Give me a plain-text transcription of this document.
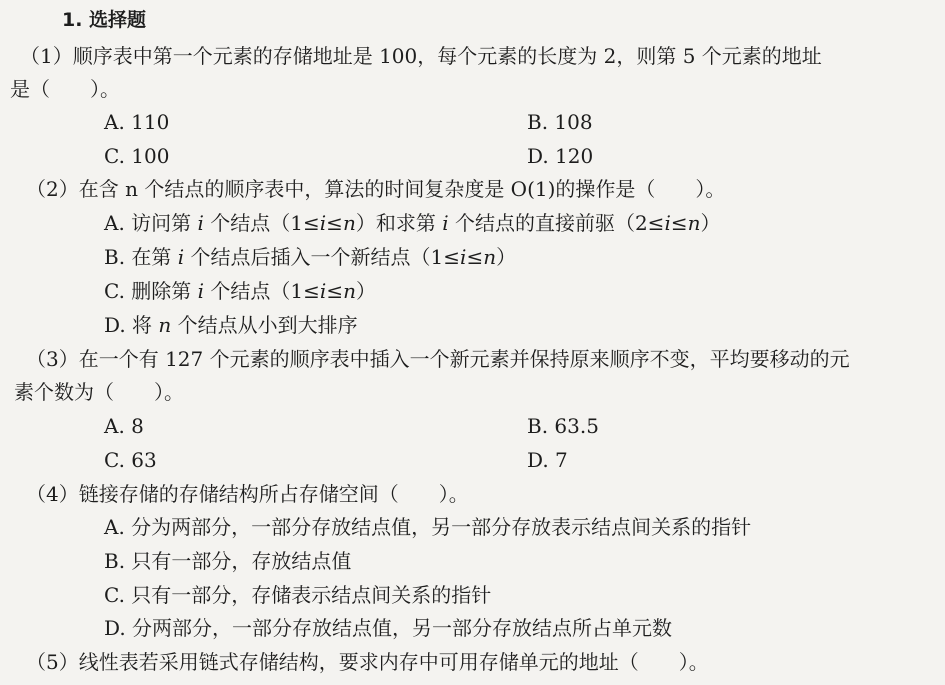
1. 选择题
（1）顺序表中第一个元素的存储地址是 100，每个元素的长度为 2，则第 5 个元素的地址
是（　　）。
A. 110	B. 108
C. 100	D. 120
（2）在含 n 个结点的顺序表中，算法的时间复杂度是 O(1)的操作是（　　）。
A. 访问第 i 个结点（1≤i≤n）和求第 i 个结点的直接前驱（2≤i≤n）
B. 在第 i 个结点后插入一个新结点（1≤i≤n）
C. 删除第 i 个结点（1≤i≤n）
D. 将 n 个结点从小到大排序
（3）在一个有 127 个元素的顺序表中插入一个新元素并保持原来顺序不变，平均要移动的元
素个数为（　　）。
A. 8	B. 63.5
C. 63	D. 7
（4）链接存储的存储结构所占存储空间（　　）。
A. 分为两部分，一部分存放结点值，另一部分存放表示结点间关系的指针
B. 只有一部分，存放结点值
C. 只有一部分，存储表示结点间关系的指针
D. 分两部分，一部分存放结点值，另一部分存放结点所占单元数
（5）线性表若采用链式存储结构，要求内存中可用存储单元的地址（　　）。
